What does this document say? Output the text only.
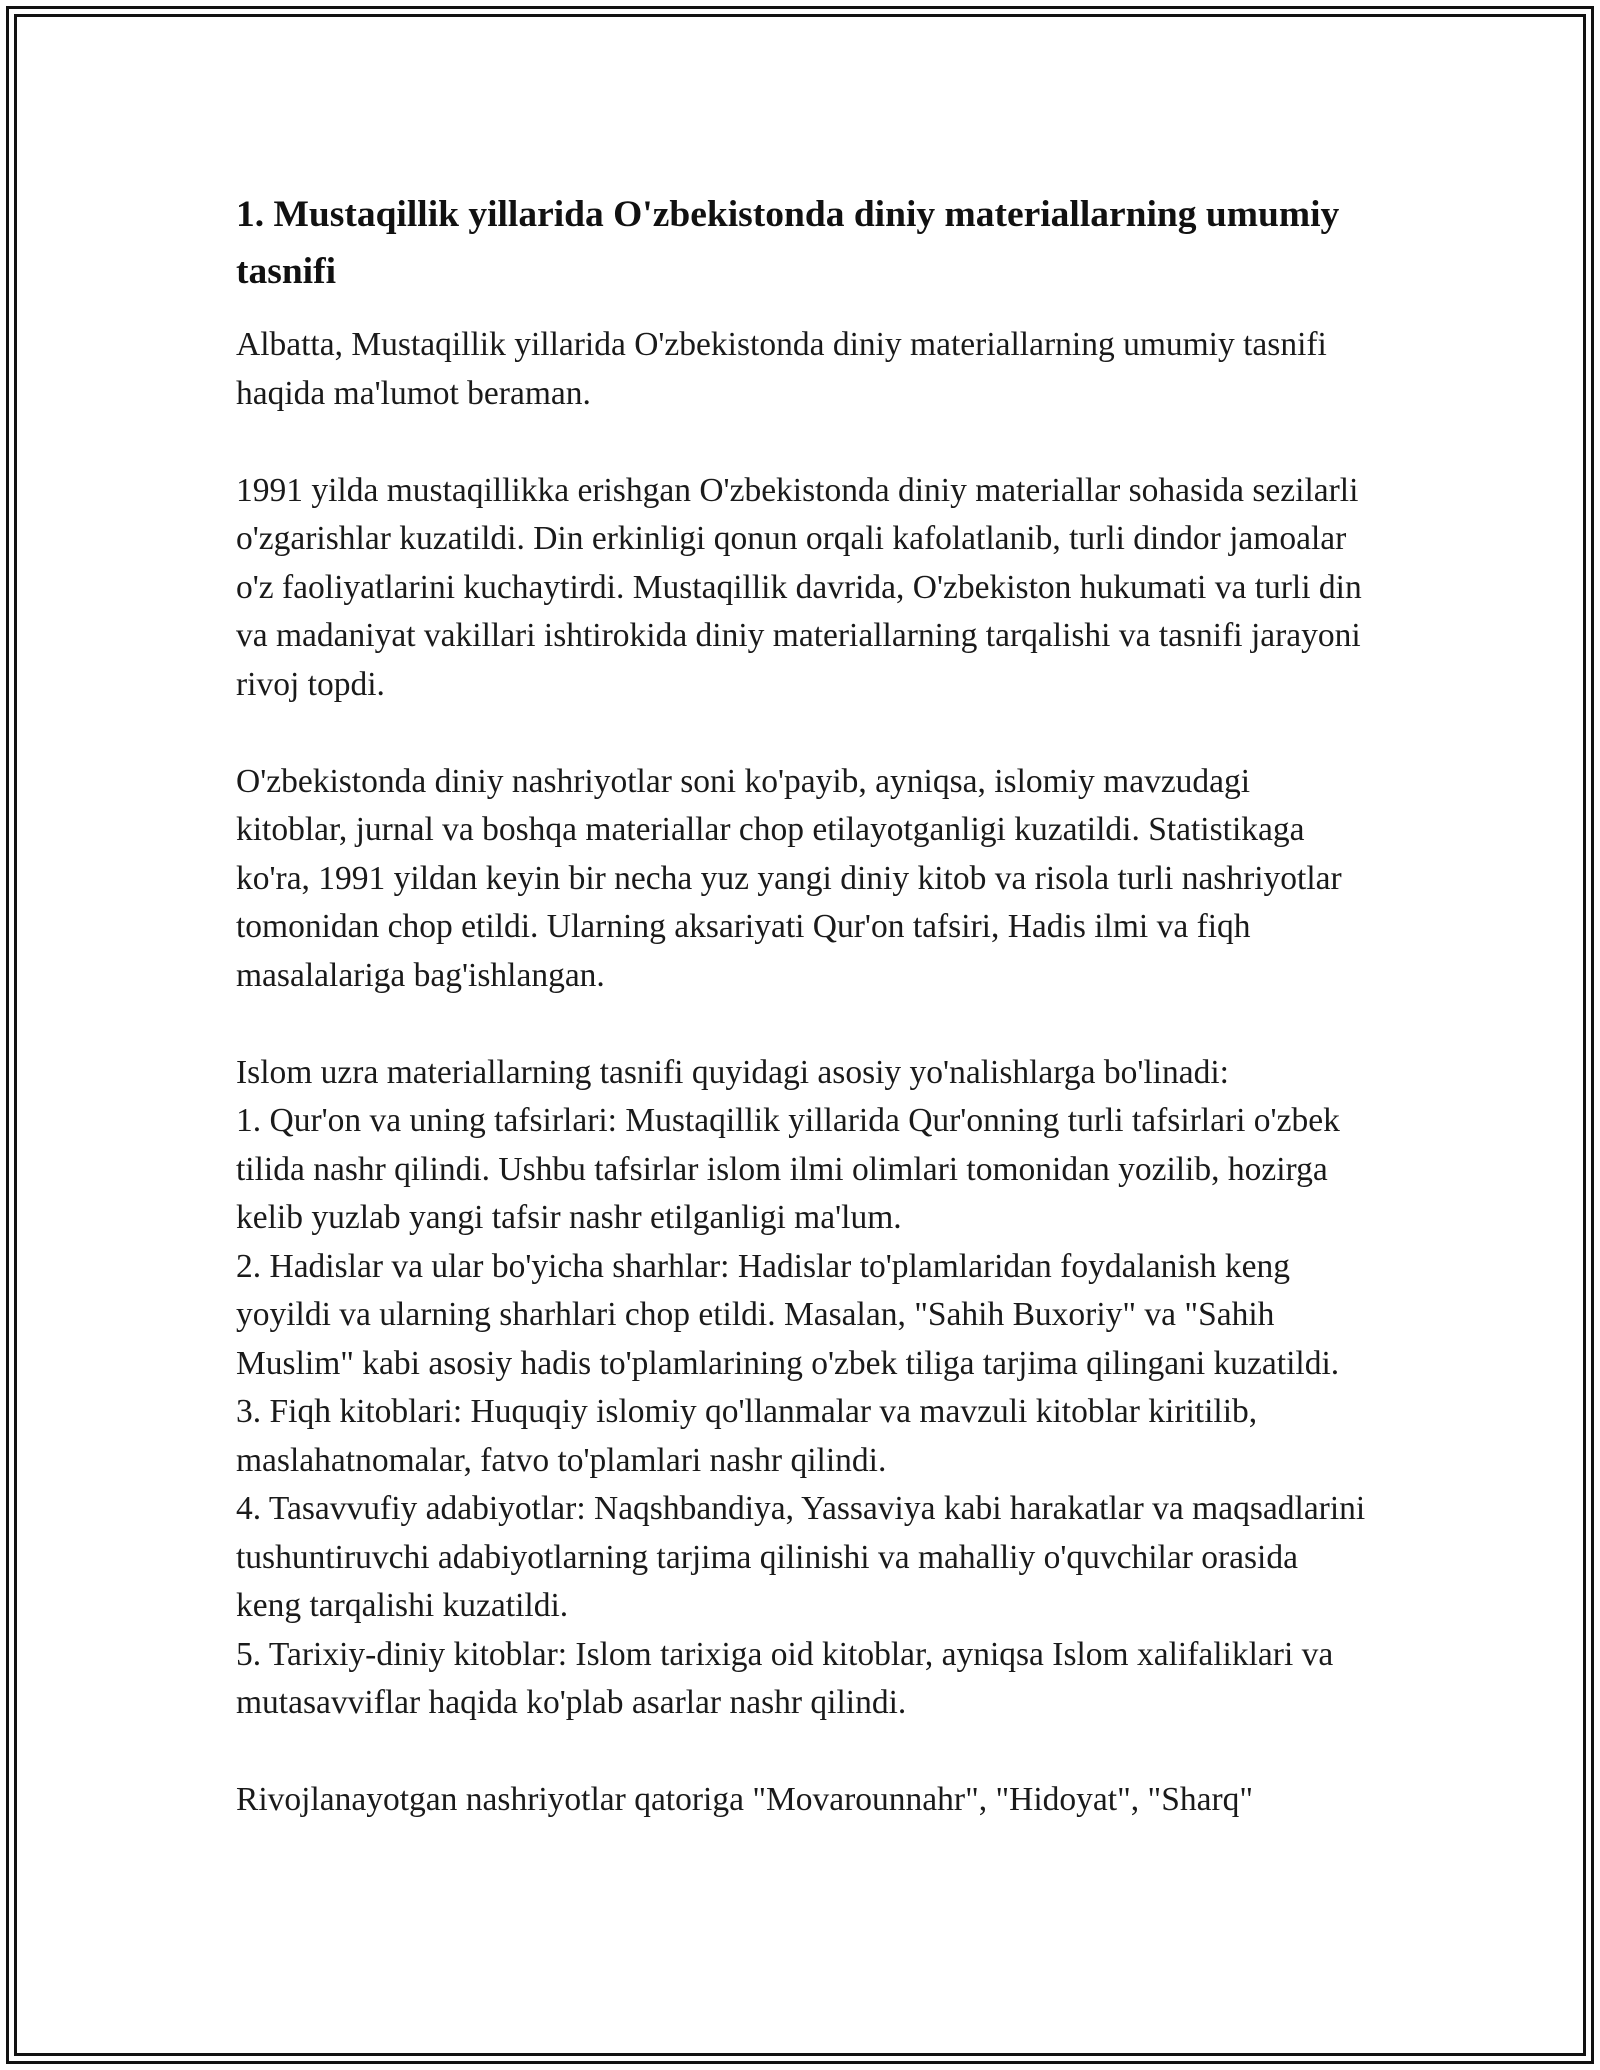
1. Mustaqillik yillarida O'zbekistonda diniy materiallarning umumiy tasnifi

Albatta, Mustaqillik yillarida O'zbekistonda diniy materiallarning umumiy tasnifi haqida ma'lumot beraman.

1991 yilda mustaqillikka erishgan O'zbekistonda diniy materiallar sohasida sezilarli o'zgarishlar kuzatildi. Din erkinligi qonun orqali kafolatlanib, turli dindor jamoalar o'z faoliyatlarini kuchaytirdi. Mustaqillik davrida, O'zbekiston hukumati va turli din va madaniyat vakillari ishtirokida diniy materiallarning tarqalishi va tasnifi jarayoni rivoj topdi.

O'zbekistonda diniy nashriyotlar soni ko'payib, ayniqsa, islomiy mavzudagi kitoblar, jurnal va boshqa materiallar chop etilayotganligi kuzatildi. Statistikaga ko'ra, 1991 yildan keyin bir necha yuz yangi diniy kitob va risola turli nashriyotlar tomonidan chop etildi. Ularning aksariyati Qur'on tafsiri, Hadis ilmi va fiqh masalalariga bag'ishlangan.

Islom uzra materiallarning tasnifi quyidagi asosiy yo'nalishlarga bo'linadi:
1. Qur'on va uning tafsirlari: Mustaqillik yillarida Qur'onning turli tafsirlari o'zbek tilida nashr qilindi. Ushbu tafsirlar islom ilmi olimlari tomonidan yozilib, hozirga kelib yuzlab yangi tafsir nashr etilganligi ma'lum.
2. Hadislar va ular bo'yicha sharhlar: Hadislar to'plamlaridan foydalanish keng yoyildi va ularning sharhlari chop etildi. Masalan, "Sahih Buxoriy" va "Sahih Muslim" kabi asosiy hadis to'plamlarining o'zbek tiliga tarjima qilingani kuzatildi.
3. Fiqh kitoblari: Huquqiy islomiy qo'llanmalar va mavzuli kitoblar kiritilib, maslahatnomalar, fatvo to'plamlari nashr qilindi.
4. Tasavvufiy adabiyotlar: Naqshbandiya, Yassaviya kabi harakatlar va maqsadlarini tushuntiruvchi adabiyotlarning tarjima qilinishi va mahalliy o'quvchilar orasida keng tarqalishi kuzatildi.
5. Tarixiy-diniy kitoblar: Islom tarixiga oid kitoblar, ayniqsa Islom xalifaliklari va mutasavviflar haqida ko'plab asarlar nashr qilindi.

Rivojlanayotgan nashriyotlar qatoriga "Movarounnahr", "Hidoyat", "Sharq"
